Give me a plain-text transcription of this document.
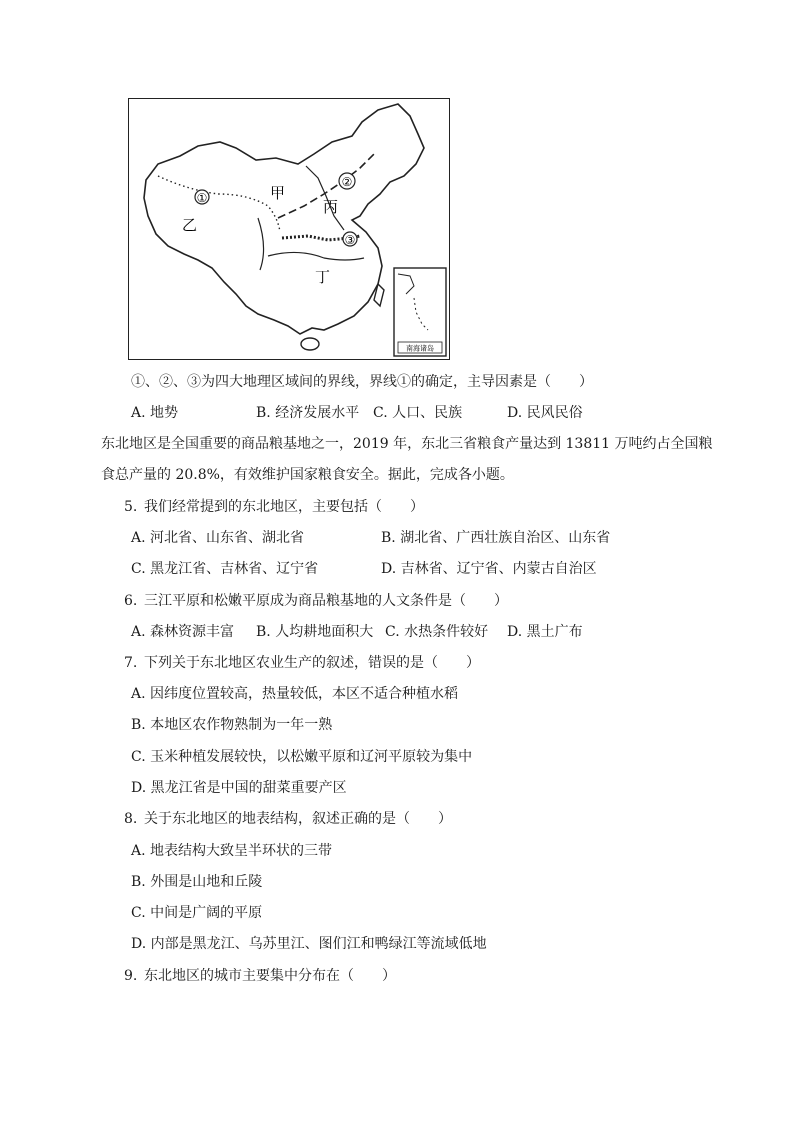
①
②
③
甲
乙
丙
丁
南海诸岛
①、②、③为四大地理区域间的界线，界线①的确定，主导因素是（　　）
A. 地势	B. 经济发展水平 C. 人口、民族	D. 民风民俗
东北地区是全国重要的商品粮基地之一，2019 年，东北三省粮食产量达到 13811 万吨约占全国粮
食总产量的 20.8%，有效维护国家粮食安全。据此，完成各小题。
5. 我们经常提到的东北地区，主要包括（　　）
A. 河北省、山东省、湖北省	B. 湖北省、广西壮族自治区、山东省
C. 黑龙江省、吉林省、辽宁省	D. 吉林省、辽宁省、内蒙古自治区
6. 三江平原和松嫩平原成为商品粮基地的人文条件是（　　）
A. 森林资源丰富 B. 人均耕地面积大 C. 水热条件较好 D. 黑土广布
7. 下列关于东北地区农业生产的叙述，错误的是（　　）
A. 因纬度位置较高，热量较低，本区不适合种植水稻
B. 本地区农作物熟制为一年一熟
C. 玉米种植发展较快，以松嫩平原和辽河平原较为集中
D. 黑龙江省是中国的甜菜重要产区
8. 关于东北地区的地表结构，叙述正确的是（　　）
A. 地表结构大致呈半环状的三带
B. 外围是山地和丘陵
C. 中间是广阔的平原
D. 内部是黑龙江、乌苏里江、图们江和鸭绿江等流域低地
9. 东北地区的城市主要集中分布在（　　）
